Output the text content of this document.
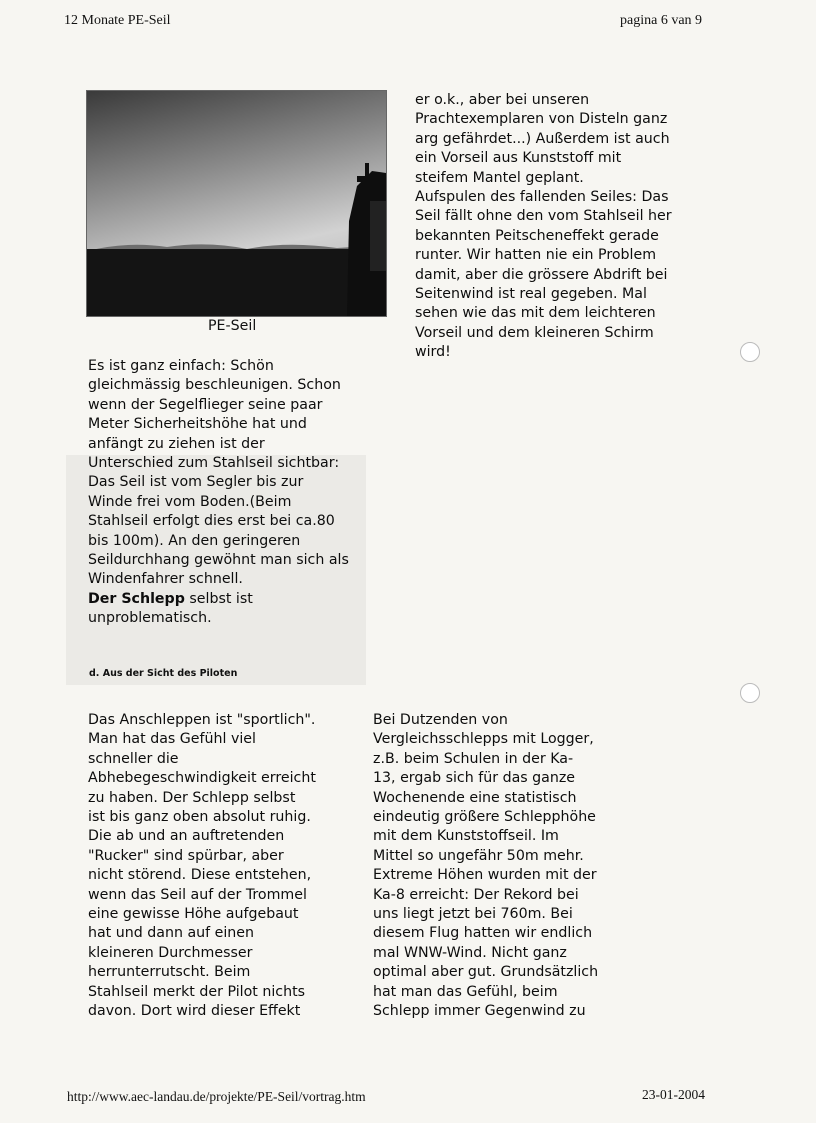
12 Monate PE-Seil	pagina 6 van 9
PE-Seil
er o.k., aber bei unseren
Prachtexemplaren von Disteln ganz
arg gefährdet...) Außerdem ist auch
ein Vorseil aus Kunststoff mit
steifem Mantel geplant.
Aufspulen des fallenden Seiles: Das
Seil fällt ohne den vom Stahlseil her
bekannten Peitscheneffekt gerade
runter. Wir hatten nie ein Problem
damit, aber die grössere Abdrift bei
Seitenwind ist real gegeben. Mal
sehen wie das mit dem leichteren
Vorseil und dem kleineren Schirm
wird!
Es ist ganz einfach: Schön
gleichmässig beschleunigen. Schon
wenn der Segelflieger seine paar
Meter Sicherheitshöhe hat und
anfängt zu ziehen ist der
Unterschied zum Stahlseil sichtbar:
Das Seil ist vom Segler bis zur
Winde frei vom Boden.(Beim
Stahlseil erfolgt dies erst bei ca.80
bis 100m). An den geringeren
Seildurchhang gewöhnt man sich als
Windenfahrer schnell.
Der Schlepp selbst ist
unproblematisch.
d. Aus der Sicht des Piloten
Das Anschleppen ist "sportlich".
Man hat das Gefühl viel
schneller die
Abhebegeschwindigkeit erreicht
zu haben. Der Schlepp selbst
ist bis ganz oben absolut ruhig.
Die ab und an auftretenden
"Rucker" sind spürbar, aber
nicht störend. Diese entstehen,
wenn das Seil auf der Trommel
eine gewisse Höhe aufgebaut
hat und dann auf einen
kleineren Durchmesser
herrunterrutscht. Beim
Stahlseil merkt der Pilot nichts
davon. Dort wird dieser Effekt
Bei Dutzenden von
Vergleichsschlepps mit Logger,
z.B. beim Schulen in der Ka-
13, ergab sich für das ganze
Wochenende eine statistisch
eindeutig größere Schlepphöhe
mit dem Kunststoffseil. Im
Mittel so ungefähr 50m mehr.
Extreme Höhen wurden mit der
Ka-8 erreicht: Der Rekord bei
uns liegt jetzt bei 760m. Bei
diesem Flug hatten wir endlich
mal WNW-Wind. Nicht ganz
optimal aber gut. Grundsätzlich
hat man das Gefühl, beim
Schlepp immer Gegenwind zu
http://www.aec-landau.de/projekte/PE-Seil/vortrag.htm	23-01-2004
